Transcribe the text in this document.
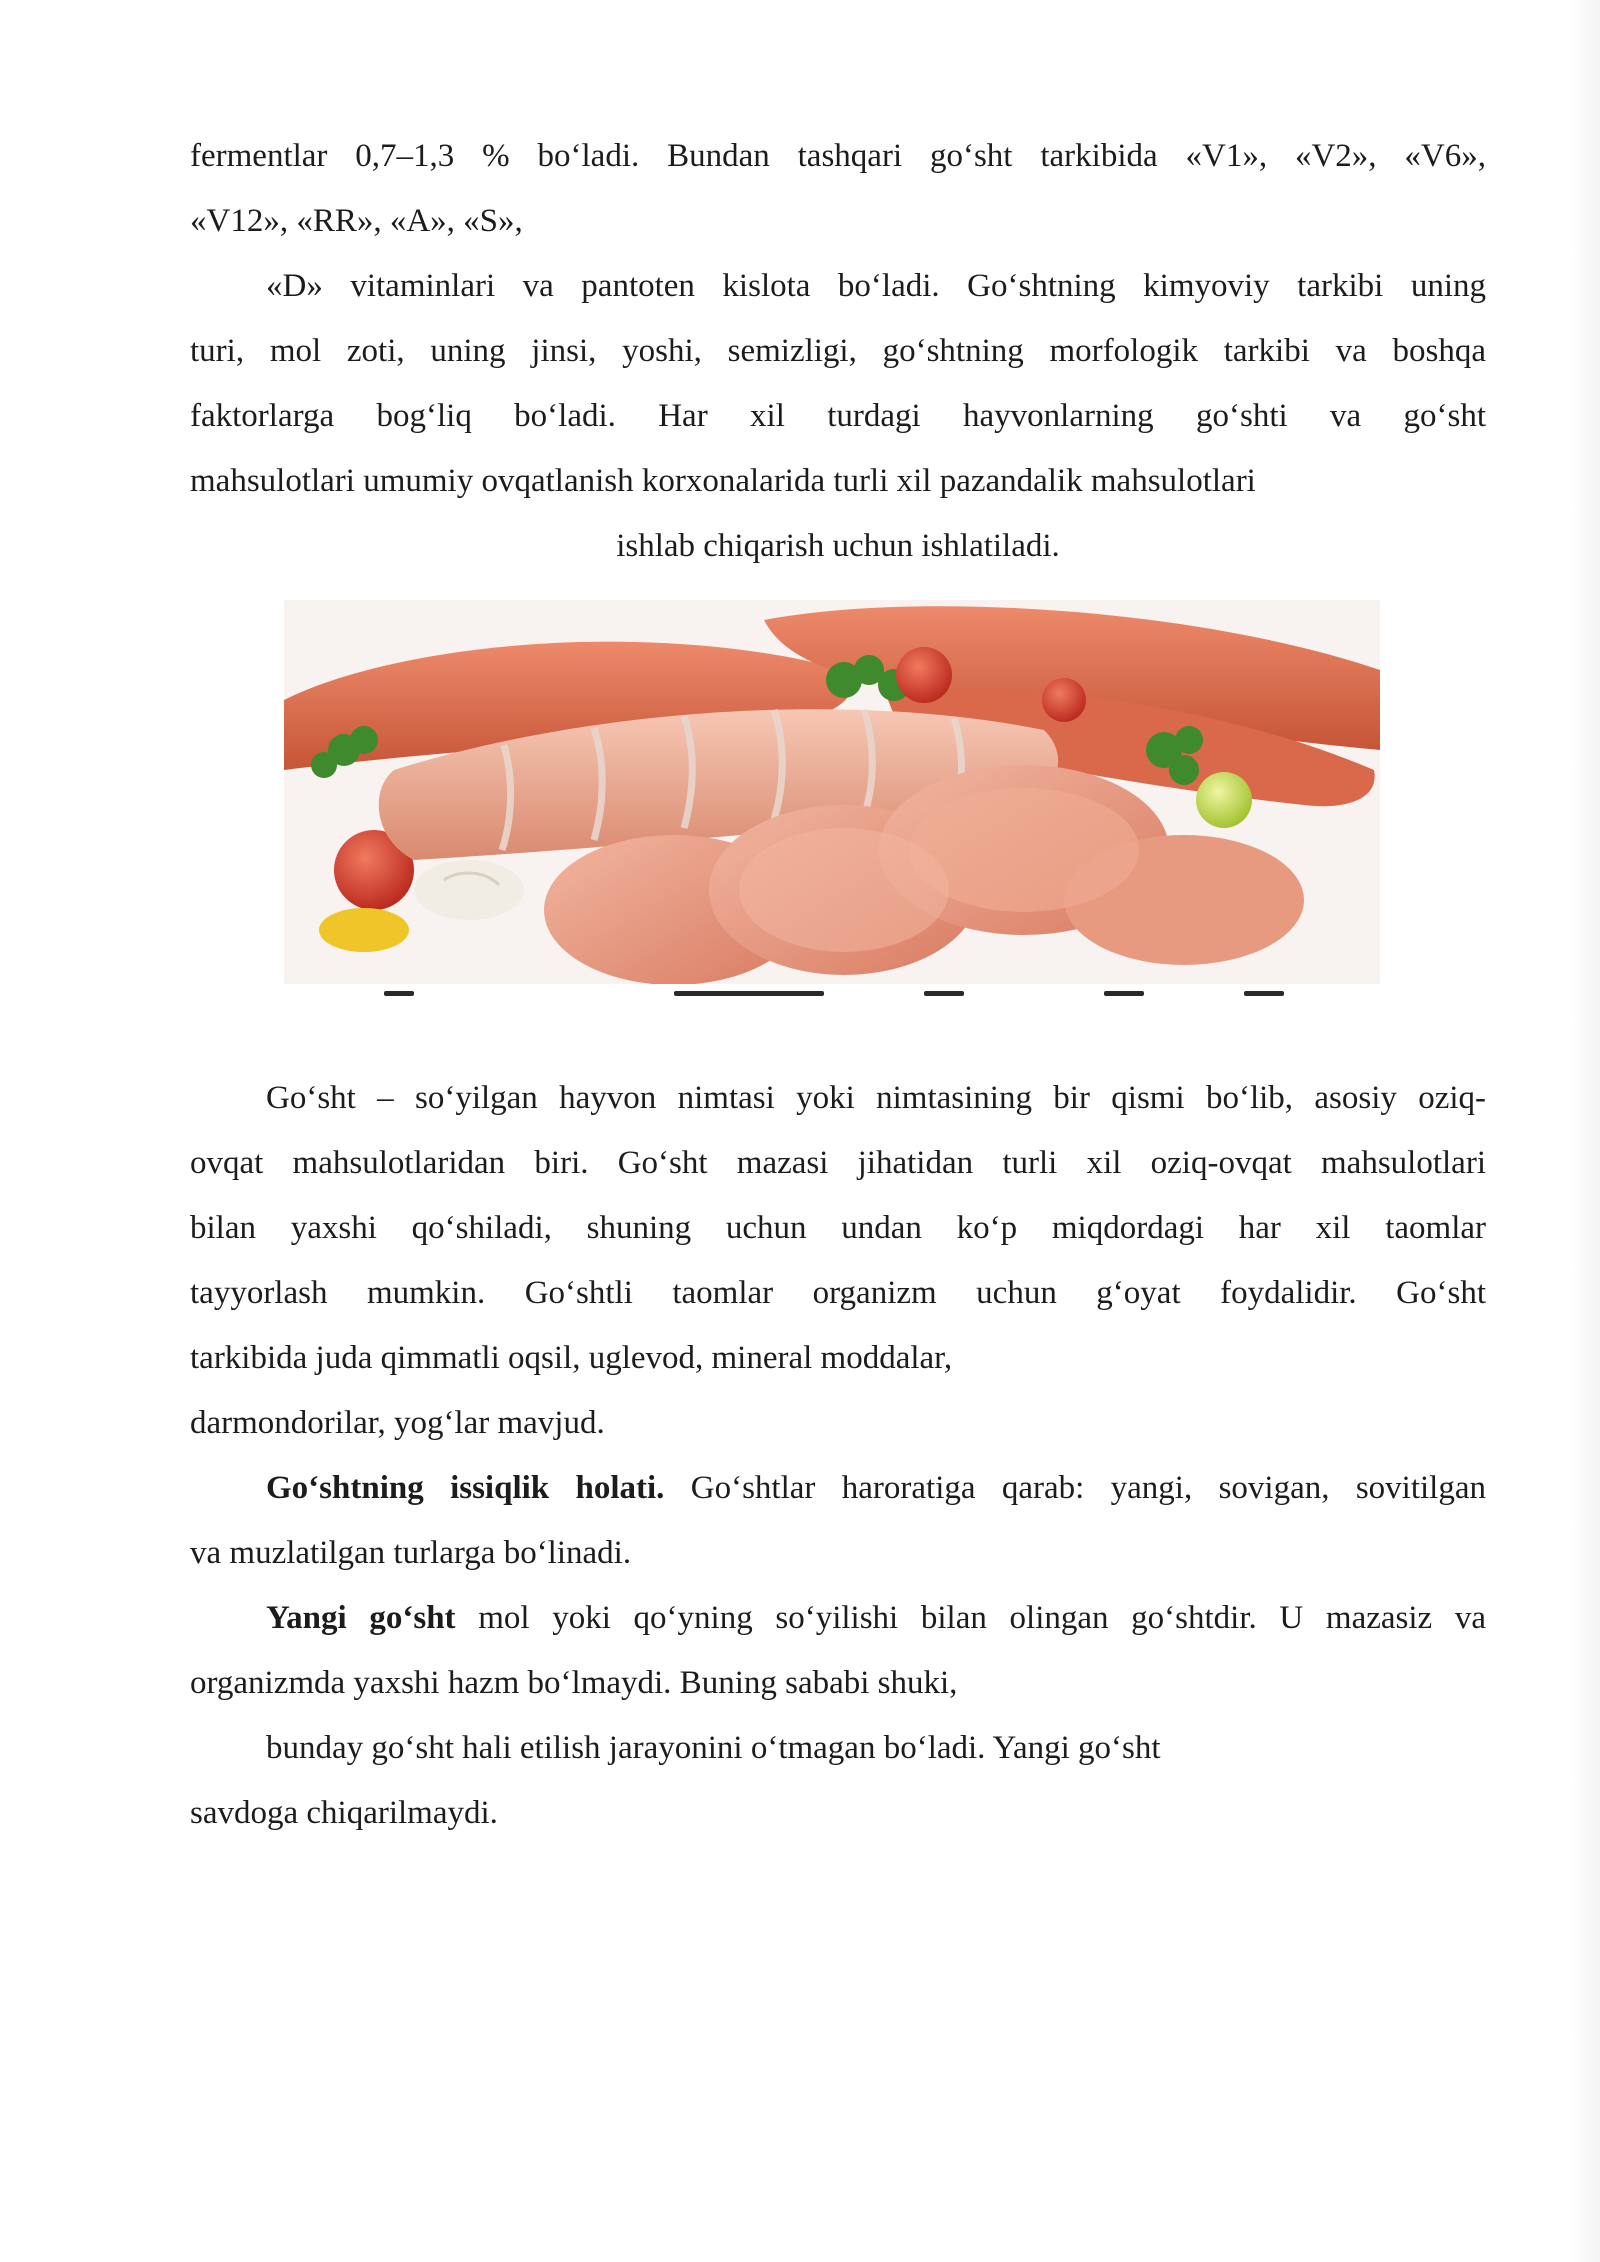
fermentlar 0,7–1,3 % bo‘ladi. Bundan tashqari go‘sht tarkibida «V1», «V2», «V6»,

«V12», «RR», «A», «S»,

«D» vitaminlari va pantoten kislota bo‘ladi. Go‘shtning kimyoviy tarkibi uning

turi, mol zoti, uning jinsi, yoshi, semizligi, go‘shtning morfologik tarkibi va boshqa

faktorlarga bog‘liq bo‘ladi. Har xil turdagi hayvonlarning go‘shti va go‘sht

mahsulotlari umumiy ovqatlanish korxonalarida turli xil pazandalik mahsulotlari

ishlab chiqarish uchun ishlatiladi.

Go‘sht – so‘yilgan hayvon nimtasi yoki nimtasining bir qismi bo‘lib, asosiy oziq-

ovqat mahsulotlaridan biri. Go‘sht mazasi jihatidan turli xil oziq-ovqat mahsulotlari

bilan yaxshi qo‘shiladi, shuning uchun undan ko‘p miqdordagi har xil taomlar

tayyorlash mumkin. Go‘shtli taomlar organizm uchun g‘oyat foydalidir. Go‘sht

tarkibida juda qimmatli oqsil, uglevod, mineral moddalar,

darmondorilar, yog‘lar mavjud.

Go‘shtning issiqlik holati. Go‘shtlar haroratiga qarab: yangi, sovigan, sovitilgan

va muzlatilgan turlarga bo‘linadi.

Yangi go‘sht mol yoki qo‘yning so‘yilishi bilan olingan go‘shtdir. U mazasiz va

organizmda yaxshi hazm bo‘lmaydi. Buning sababi shuki,

bunday go‘sht hali etilish jarayonini o‘tmagan bo‘ladi. Yangi go‘sht

savdoga chiqarilmaydi.
